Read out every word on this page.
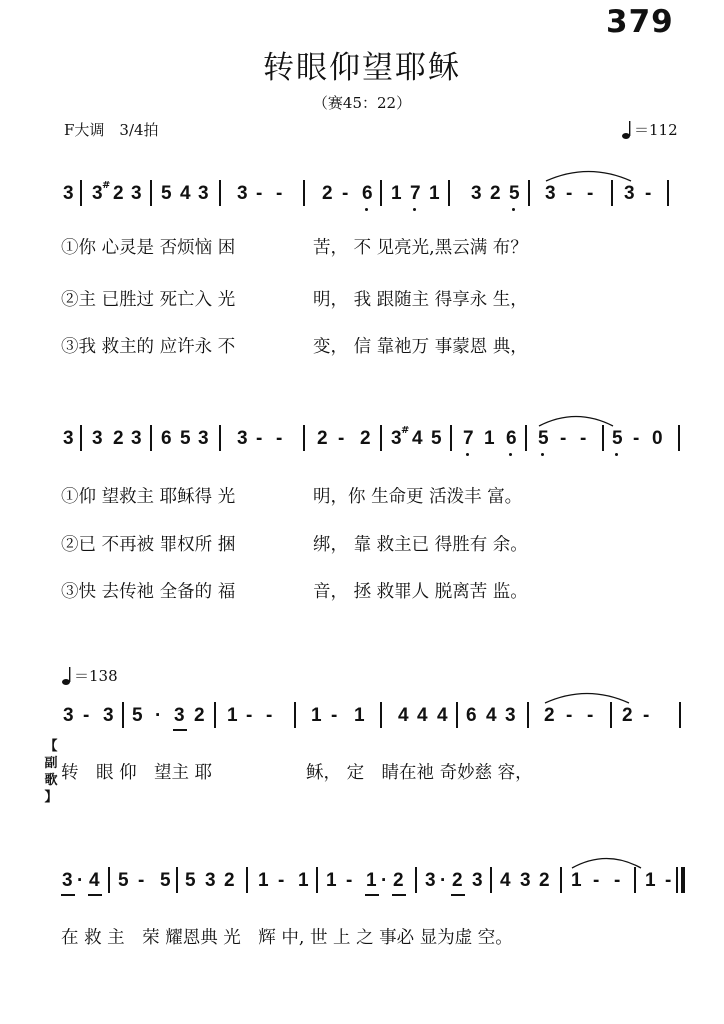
379
转眼仰望耶稣
（赛45：22）
F大调　3/4拍	＝112
3 3 2 3 5 4 3 3 - - 2 - 6 1 7 1 3 2 5 3 - - 3 -
#
3 3 2 3 6 5 3 3 - - 2 - 2 3 4 5 7 1 6 5 - - 5 - 0
#
3 - 3 5 · 3 2 1 - - 1 - 1 4 4 4 6 4 3 2 - - 2 -
3 · 4 5 - 5 5 3 2 1 - 1 1 - 1 · 2 3 · 2 3 4 3 2 1 - - 1 -
①你 心灵是 否烦恼 困	苦， 不 见亮光,黑云满 布？
②主 已胜过 死亡入 光	明， 我 跟随主 得享永 生，
③我 救主的 应许永 不	变， 信 靠祂万 事蒙恩 典，
①仰 望救主 耶稣得 光	明，你 生命更 活泼丰 富。
②已 不再被 罪权所 捆	绑， 靠 救主已 得胜有 余。
③快 去传祂 全备的 福	音， 拯 救罪人 脱离苦 监。
＝138
【
副
歌
】
转　眼 仰　望主 耶	稣， 定　睛在祂 奇妙慈 容，
在 救 主　荣 耀恩典 光　辉 中, 世 上 之 事必 显为虚 空。
